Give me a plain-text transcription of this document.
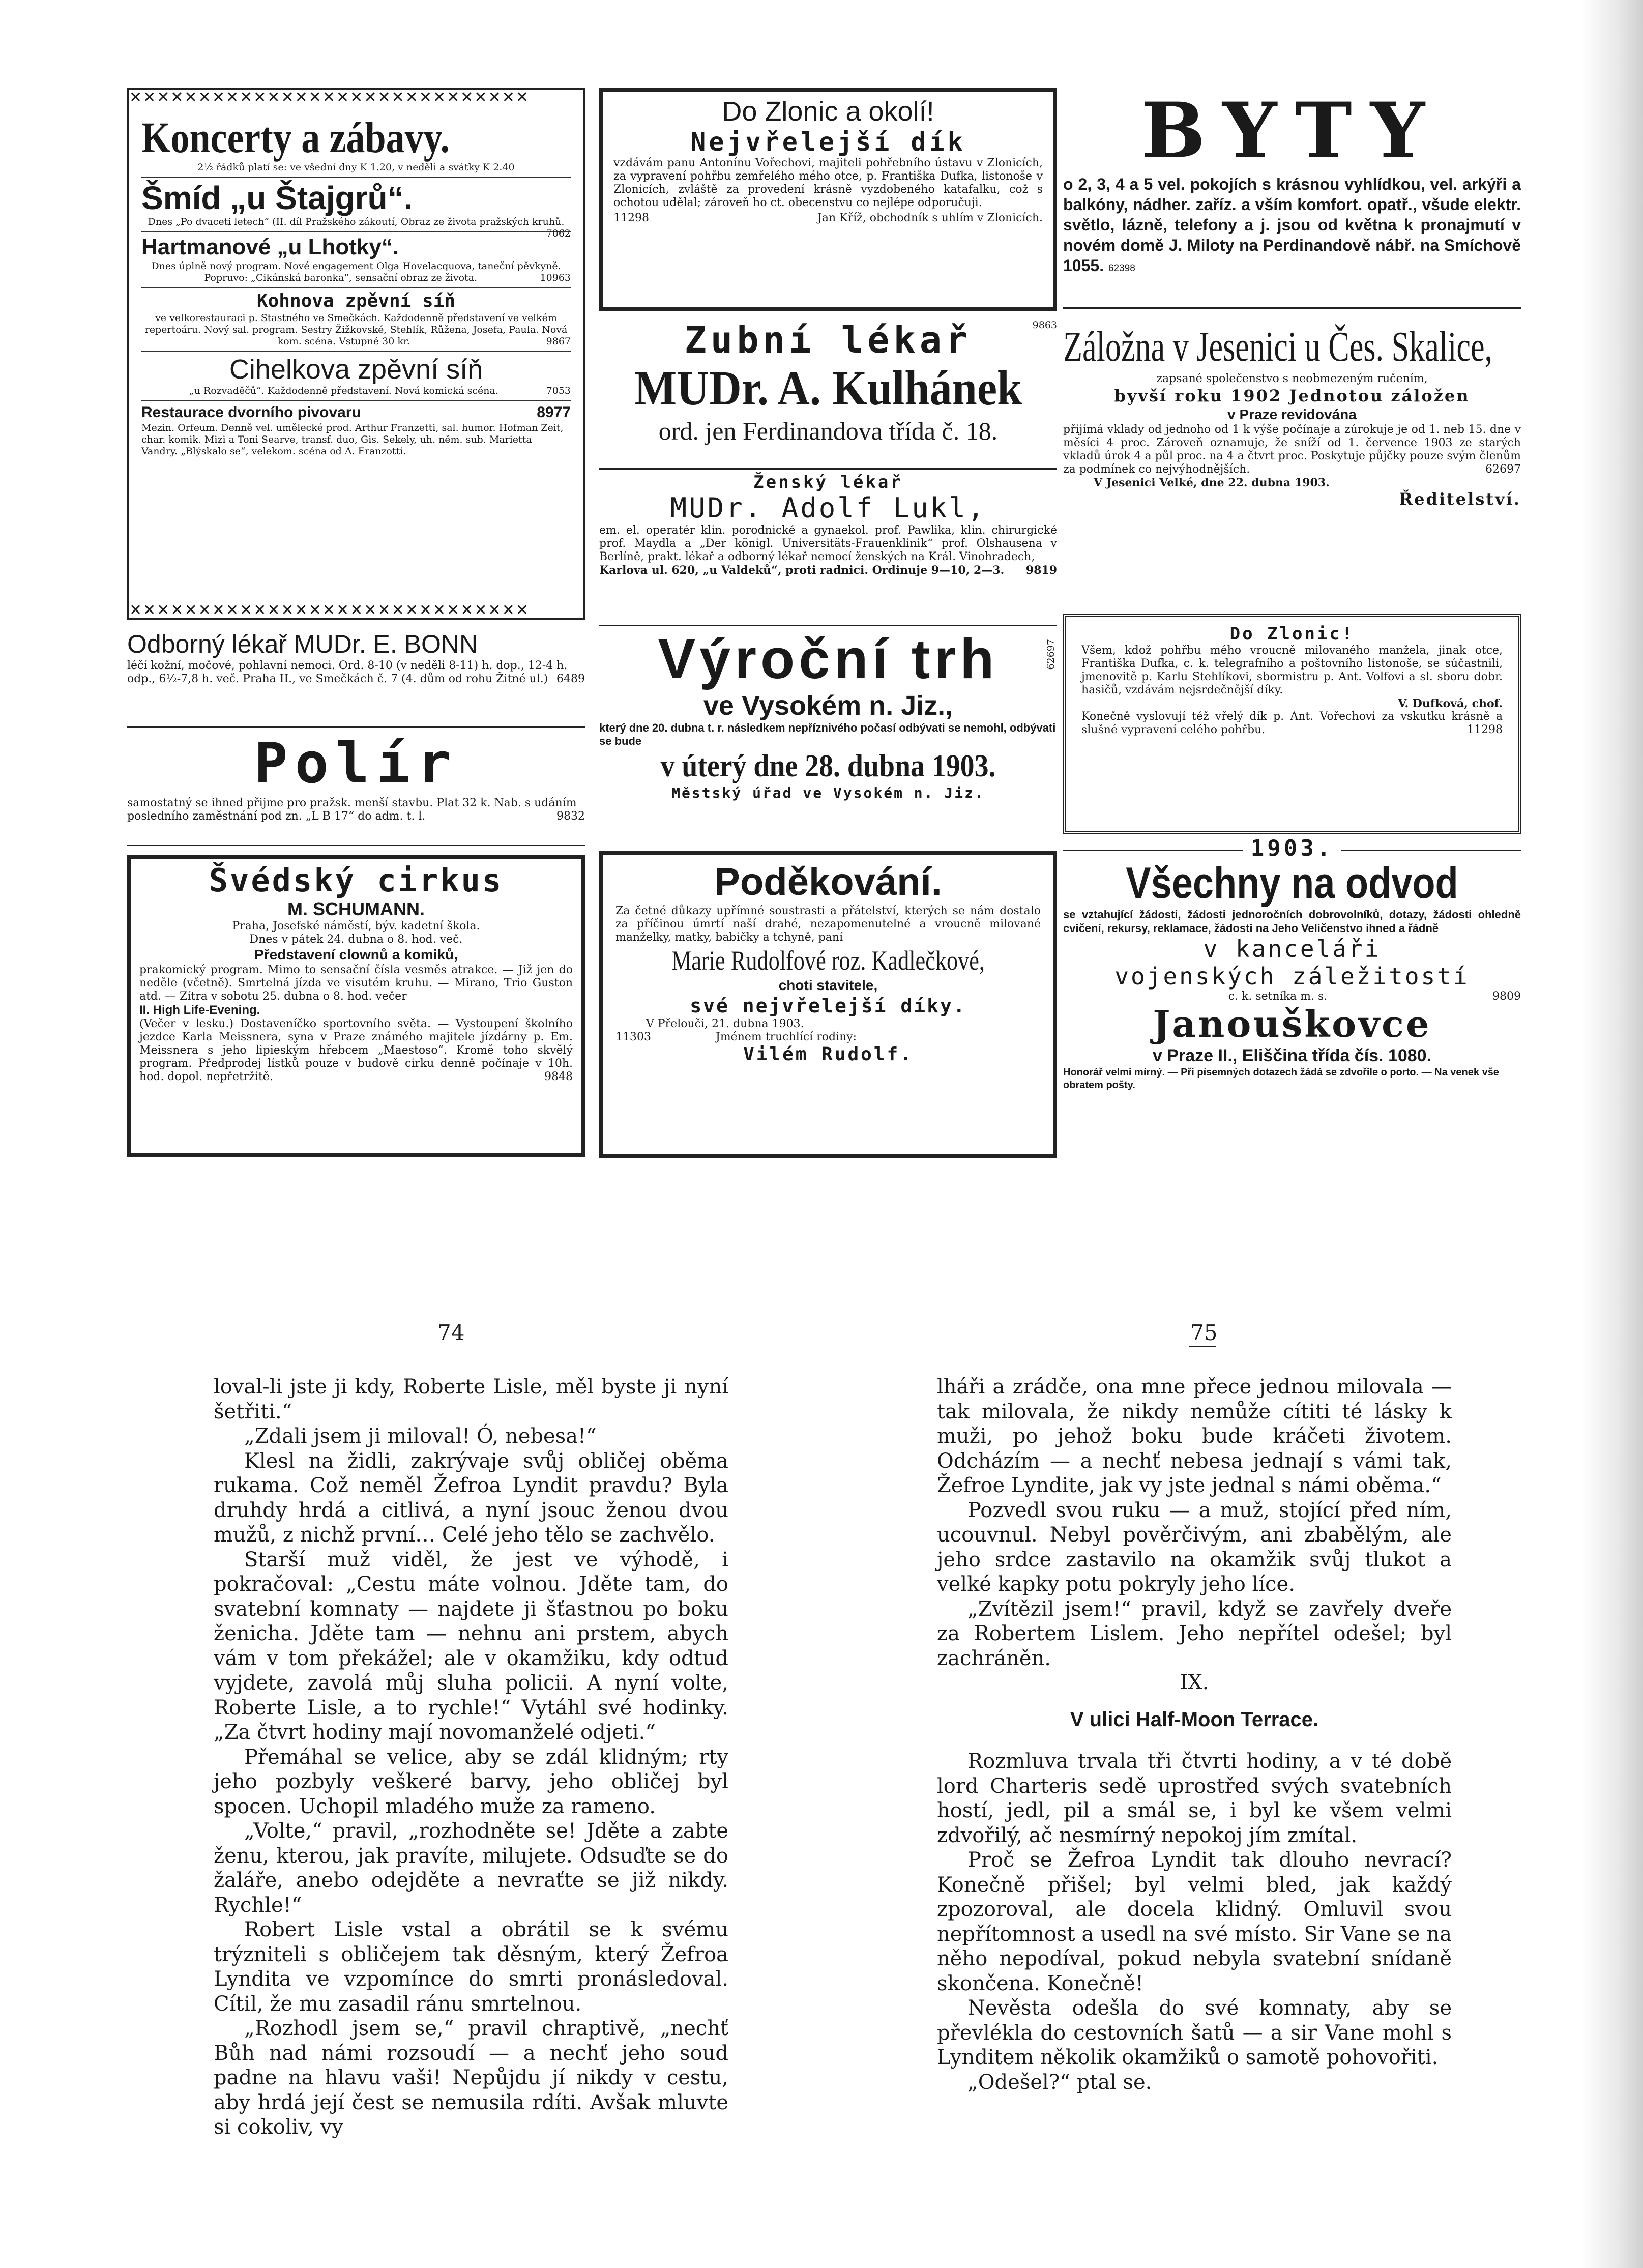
✕✕✕✕✕✕✕✕✕✕✕✕✕✕✕✕✕✕✕✕✕✕✕✕✕✕✕✕✕
✕✕✕✕✕✕✕✕✕✕✕✕✕✕✕✕✕✕✕✕✕✕✕✕✕✕✕✕✕
Koncerty a zábavy.
2½ řádků platí se: ve všední dny K 1.20, v neděli a svátky K 2.40
Šmíd „u Štajgrů“.
Dnes „Po dvaceti letech“ (II. díl Pražského zákoutí, Obraz ze života pražských kruhů.
7062
Hartmanové „u Lhotky“.
Dnes úplně nový program. Nové engagement Olga Hovelacquova, taneční pěvkyně. Popruvo: „Cikánská baronka“, sensační obraz ze života.	10963
Kohnova zpěvní síň
ve velkorestauraci p. Stastného ve Smečkách. Každodenně představení ve velkém repertoáru. Nový sal. program. Sestry Žižkovské, Stehlík, Růžena, Josefa, Paula. Nová kom. scéna. Vstupné 30 kr.	9867
Cihelkova zpěvní síň
„u Rozvaděčů“. Každodenně představení. Nová komická scéna.	7053
Restaurace dvorního pivovaru	8977
Mezin. Orfeum. Denně vel. umělecké prod. Arthur Franzetti, sal. humor. Hofman Zeit, char. komik. Mizi a Toni Searve, transf. duo, Gis. Sekely, uh. něm. sub. Marietta Vandry. „Blýskalo se“, velekom. scéna od A. Franzotti.
Odborný lékař MUDr. E. BONN
léčí kožní, močové, pohlavní nemoci. Ord. 8-10 (v neděli 8-11) h. dop., 12-4 h. odp., 6½-7,8 h. več. Praha II., ve Smečkách č. 7 (4. dům od rohu Žitné ul.) 6489
Polír
samostatný se ihned přijme pro pražsk. menší stavbu. Plat 32 k. Nab. s udáním posledního zaměstnání pod zn. „L B 17“ do adm. t. l.	9832
Švédský cirkus
M. SCHUMANN.
Praha, Josefské náměstí, býv. kadetní škola.
Dnes v pátek 24. dubna o 8. hod. več.
Představení clownů a komiků,
prakomický program. Mimo to sensační čísla vesměs atrakce. — Již jen do neděle (včetně). Smrtelná jízda ve visutém kruhu. — Mirano, Trio Guston atd. — Zítra v sobotu 25. dubna o 8. hod. večer
II. High Life-Evening.
(Večer v lesku.) Dostaveníčko sportovního světa. — Vystoupení školního jezdce Karla Meissnera, syna v Praze známého majitele jízdárny p. Em. Meissnera s jeho lipieským hřebcem „Maestoso“. Kromě toho skvělý program. Předprodej lístků pouze v budově cirku denně počínaje v 10h. hod. dopol. nepřetržitě.	9848
Do Zlonic a okolí!
Nejvřelejší dík
vzdávám panu Antonínu Vořechovi, majiteli pohřebního ústavu v Zlonicích, za vypravení pohřbu zemřelého mého otce, p. Františka Dufka, listonoše v Zlonicích, zvláště za provedení krásně vyzdobeného katafalku, což s ochotou udělal; zároveň ho ct. obecenstvu co nejlépe odporučuji.
11298	Jan Kříž, obchodník s uhlím v Zlonicích.
Zubní lékař
MUDr. A. Kulhánek
ord. jen Ferdinandova třída č. 18.
9863
Ženský lékař
MUDr. Adolf Lukl,
em. el. operatér klin. porodnické a gynaekol. prof. Pawlika, klin. chirurgické prof. Maydla a „Der königl. Universitäts-Frauenklinik“ prof. Olshausena v Berlíně, prakt. lékař a odborný lékař nemocí ženských na Král. Vinohradech,
Karlova ul. 620, „u Valdeků“, proti radnici. Ordinuje 9—10, 2—3. 9819
Výroční trh
ve Vysokém n. Jiz.,
který dne 20. dubna t. r. následkem nepříznivého počasí odbývati se nemohl, odbývati se bude
v úterý dne 28. dubna 1903.
Městský úřad ve Vysokém n. Jiz.
62697
Poděkování.
Za četné důkazy upřímné soustrasti a přátelství, kterých se nám dostalo za příčinou úmrtí naší drahé, nezapomenutelné a vroucně milované manželky, matky, babičky a tchyně, paní
Marie Rudolfové roz. Kadlečkové,
choti stavitele,
své nejvřelejší díky.
V Přelouči, 21. dubna 1903.
11303	Jménem truchlící rodiny:
Vilém Rudolf.
BYTY
o 2, 3, 4 a 5 vel. pokojích s krásnou vyhlídkou, vel. arkýři a balkóny, nádher. zaříz. a vším komfort. opatř., všude elektr. světlo, lázně, telefony a j. jsou od května k pronajmutí v novém domě J. Miloty na Perdinandově nábř. na Smíchově 1055. 62398
Záložna v Jesenici u Čes. Skalice,
zapsané společenstvo s neobmezeným ručením,
byvší roku 1902 Jednotou záložen
v Praze revidována
přijímá vklady od jednoho od 1 k výše počínaje a zúrokuje je od 1. neb 15. dne v měsíci 4 proc. Zároveň oznamuje, že sníží od 1. července 1903 ze starých vkladů úrok 4 a půl proc. na 4 a čtvrt proc. Poskytuje půjčky pouze svým členům za podmínek co nejvýhodnějších.	62697
V Jesenici Velké, dne 22. dubna 1903.
Ředitelství.
Do Zlonic!
Všem, kdož pohřbu mého vroucně milovaného manžela, jinak otce, Františka Dufka, c. k. telegrafního a poštovního listonoše, se súčastnili, jmenovitě p. Karlu Stehlíkovi, sbormistru p. Ant. Volfovi a sl. sboru dobr. hasičů, vzdávám nejsrdečnější díky.
V. Dufková, chof.
Konečně vyslovují též vřelý dík p. Ant. Vořechovi za vskutku krásně a slušné vypravení celého pohřbu.	11298
1903.
Všechny na odvod
se vztahující žádosti, žádosti jednoročních dobrovolníků, dotazy, žádosti ohledně cvičení, rekursy, reklamace, žádosti na Jeho Veličenstvo ihned a řádně
v kanceláři
vojenských záležitostí
c. k. setníka m. s.	9809
Janouškovce
v Praze II., Eliščina třída čís. 1080.
Honorář velmi mírný. — Při písemných dotazech žádá se zdvořile o porto. — Na venek vše obratem pošty.
74	75

loval-li jste ji kdy, Roberte Lisle, měl byste ji nyní šetřiti.“

„Zdali jsem ji miloval! Ó, nebesa!“

Klesl na židli, zakrývaje svůj obličej oběma rukama. Což neměl Žefroa Lyndit pravdu? Byla druhdy hrdá a citlivá, a nyní jsouc ženou dvou mužů, z nichž první… Celé jeho tělo se zachvělo.

Starší muž viděl, že jest ve výhodě, i pokračoval: „Cestu máte volnou. Jděte tam, do svatební komnaty — najdete ji šťastnou po boku ženicha. Jděte tam — nehnu ani prstem, abych vám v tom překážel; ale v okamžiku, kdy odtud vyjdete, zavolá můj sluha policii. A nyní volte, Roberte Lisle, a to rychle!“ Vytáhl své hodinky. „Za čtvrt hodiny mají novomanželé odjeti.“

Přemáhal se velice, aby se zdál klidným; rty jeho pozbyly veškeré barvy, jeho obličej byl spocen. Uchopil mladého muže za rameno.

„Volte,“ pravil, „rozhodněte se! Jděte a zabte ženu, kterou, jak pravíte, milujete. Odsuďte se do žaláře, anebo odejděte a nevraťte se již nikdy. Rychle!“

Robert Lisle vstal a obrátil se k svému trýzniteli s obličejem tak děsným, který Žefroa Lyndita ve vzpomínce do smrti pronásledoval. Cítil, že mu zasadil ránu smrtelnou.

„Rozhodl jsem se,“ pravil chraptivě, „nechť Bůh nad námi rozsoudí — a nechť jeho soud padne na hlavu vaši! Nepůjdu jí nikdy v cestu, aby hrdá její čest se nemusila rdíti. Avšak mluvte si cokoliv, vy

lháři a zrádče, ona mne přece jednou milovala — tak milovala, že nikdy nemůže cítiti té lásky k muži, po jehož boku bude kráčeti životem. Odcházím — a nechť nebesa jednají s vámi tak, Žefroe Lyndite, jak vy jste jednal s námi oběma.“

Pozvedl svou ruku — a muž, stojící před ním, ucouvnul. Nebyl pověrčivým, ani zbabělým, ale jeho srdce zastavilo na okamžik svůj tlukot a velké kapky potu pokryly jeho líce.

„Zvítězil jsem!“ pravil, když se zavřely dveře za Robertem Lislem. Jeho nepřítel odešel; byl zachráněn.

IX.
V ulici Half-Moon Terrace.

Rozmluva trvala tři čtvrti hodiny, a v té době lord Charteris sedě uprostřed svých svatebních hostí, jedl, pil a smál se, i byl ke všem velmi zdvořilý, ač nesmírný nepokoj jím zmítal.

Proč se Žefroa Lyndit tak dlouho nevrací? Konečně přišel; byl velmi bled, jak každý zpozoroval, ale docela klidný. Omluvil svou nepřítomnost a usedl na své místo. Sir Vane se na něho nepodíval, pokud nebyla svatební snídaně skončena. Konečně!

Nevěsta odešla do své komnaty, aby se převlékla do cestovních šatů — a sir Vane mohl s Lynditem několik okamžiků o samotě pohovořiti.

„Odešel?“ ptal se.
